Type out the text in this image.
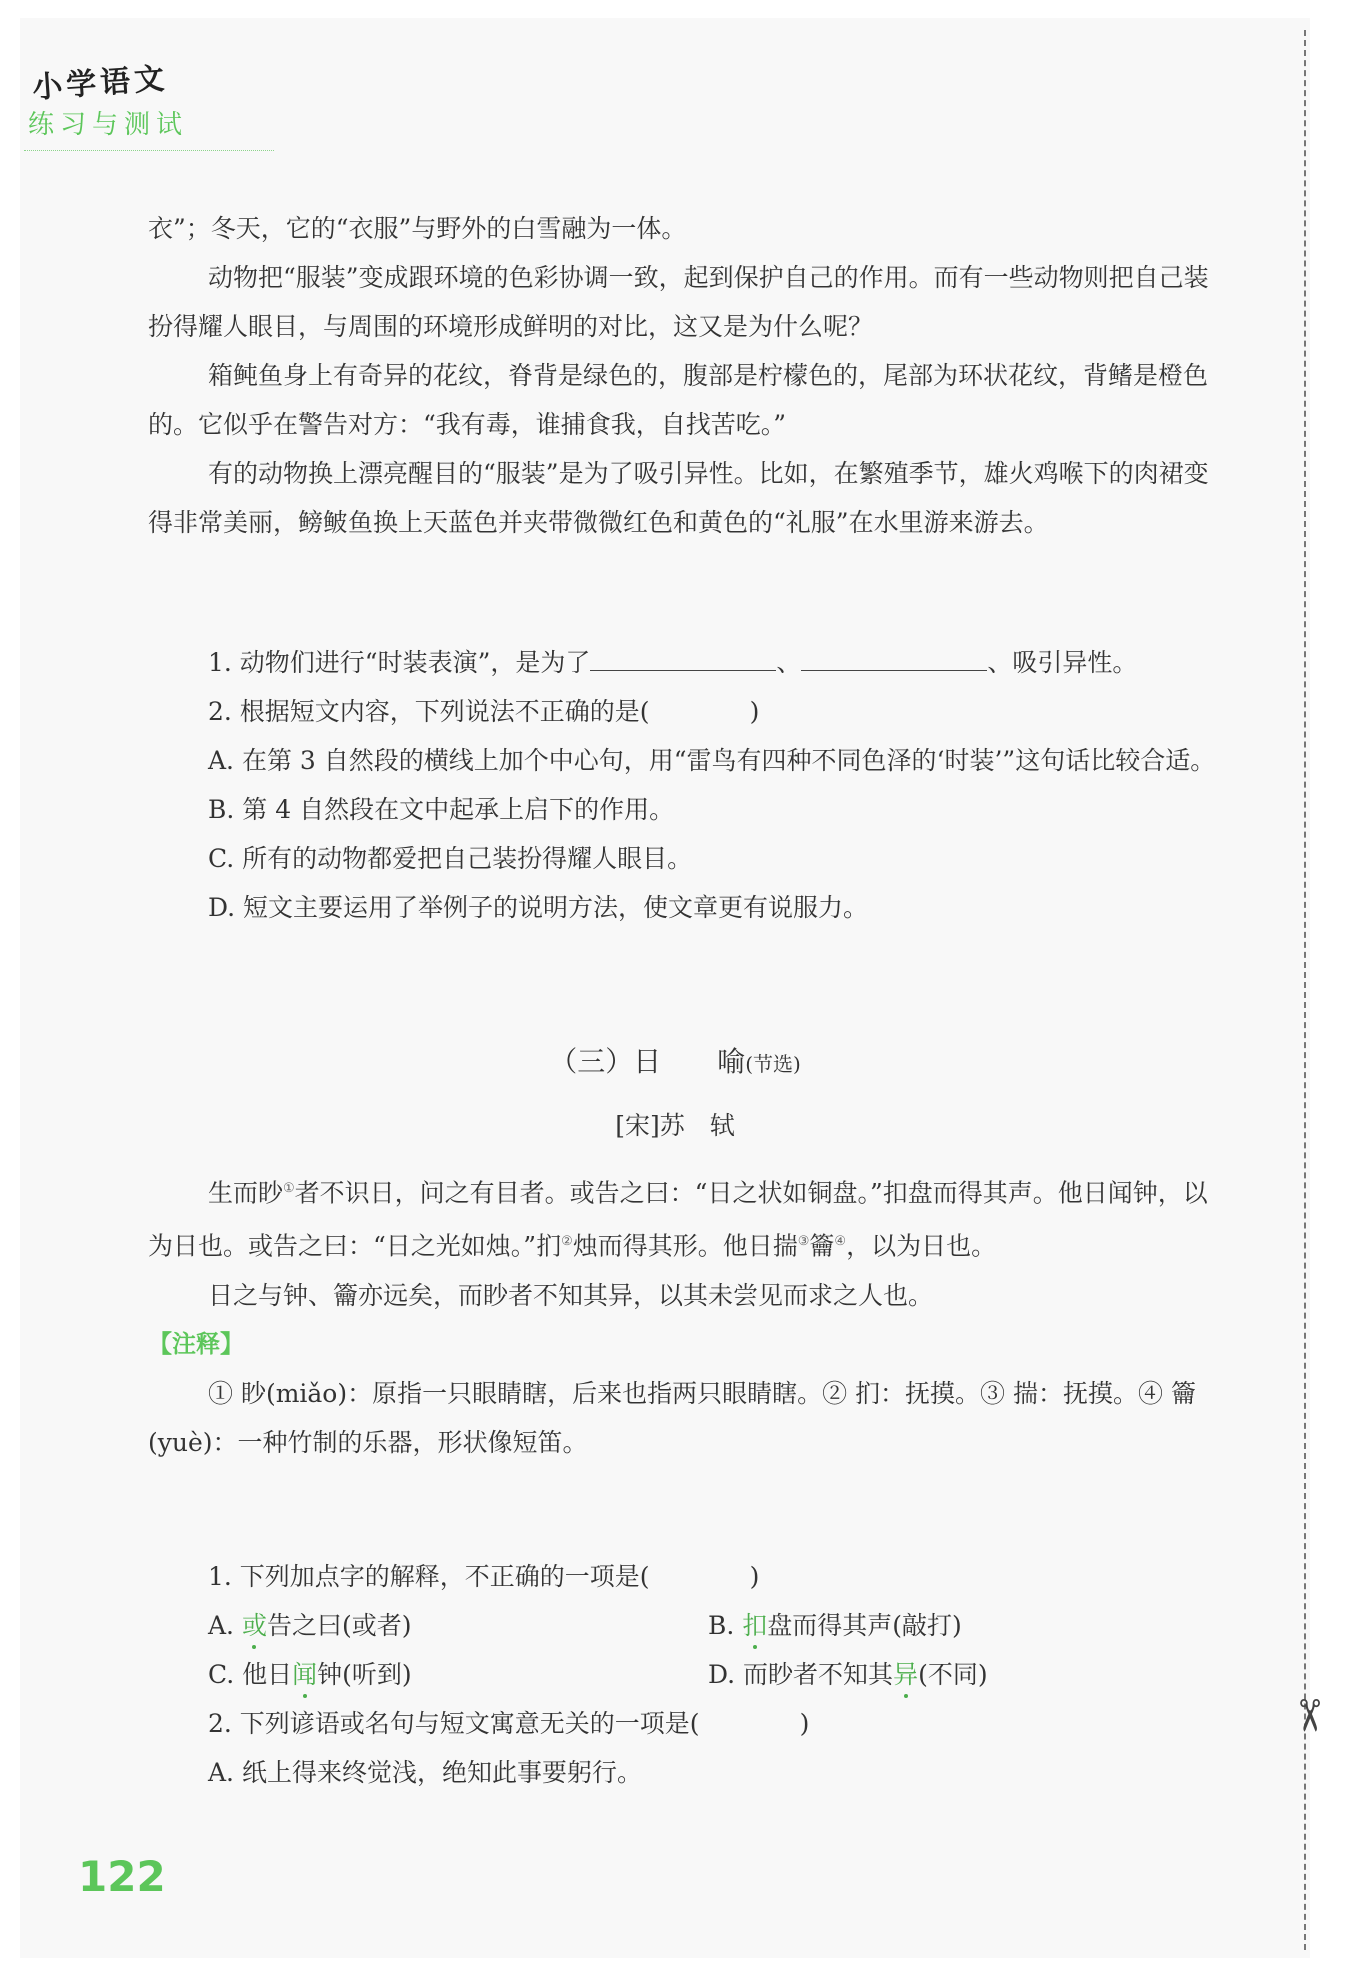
✂
小学语文
练习与测试

衣”；冬天，它的“衣服”与野外的白雪融为一体。

动物把“服装”变成跟环境的色彩协调一致，起到保护自己的作用。而有一些动物则把自己装扮得耀人眼目，与周围的环境形成鲜明的对比，这又是为什么呢？

箱鲀鱼身上有奇异的花纹，脊背是绿色的，腹部是柠檬色的，尾部为环状花纹，背鳍是橙色的。它似乎在警告对方：“我有毒，谁捕食我，自找苦吃。”

有的动物换上漂亮醒目的“服装”是为了吸引异性。比如，在繁殖季节，雄火鸡喉下的肉裙变得非常美丽，鳑鲏鱼换上天蓝色并夹带微微红色和黄色的“礼服”在水里游来游去。

1. 动物们进行“时装表演”，是为了	、	、吸引异性。

2. 根据短文内容，下列说法不正确的是(	)

A. 在第 3 自然段的横线上加个中心句，用“雷鸟有四种不同色泽的‘时装’”这句话比较合适。

B. 第 4 自然段在文中起承上启下的作用。

C. 所有的动物都爱把自己装扮得耀人眼目。

D. 短文主要运用了举例子的说明方法，使文章更有说服力。

（三）日　　喻(节选)
[宋]苏　轼

生而眇①者不识日，问之有目者。或告之曰：“日之状如铜盘。”扣盘而得其声。他日闻钟，以为日也。或告之曰：“日之光如烛。”扪②烛而得其形。他日揣③籥④，以为日也。

日之与钟、籥亦远矣，而眇者不知其异，以其未尝见而求之人也。

【注释】

① 眇(miǎo)：原指一只眼睛瞎，后来也指两只眼睛瞎。② 扪：抚摸。③ 揣：抚摸。④ 籥(yuè)：一种竹制的乐器，形状像短笛。

1. 下列加点字的解释，不正确的一项是(	)

A. 或告之曰(或者)	B. 扣盘而得其声(敲打)

C. 他日闻钟(听到)	D. 而眇者不知其异(不同)

2. 下列谚语或名句与短文寓意无关的一项是(	)

A. 纸上得来终觉浅，绝知此事要躬行。

122
